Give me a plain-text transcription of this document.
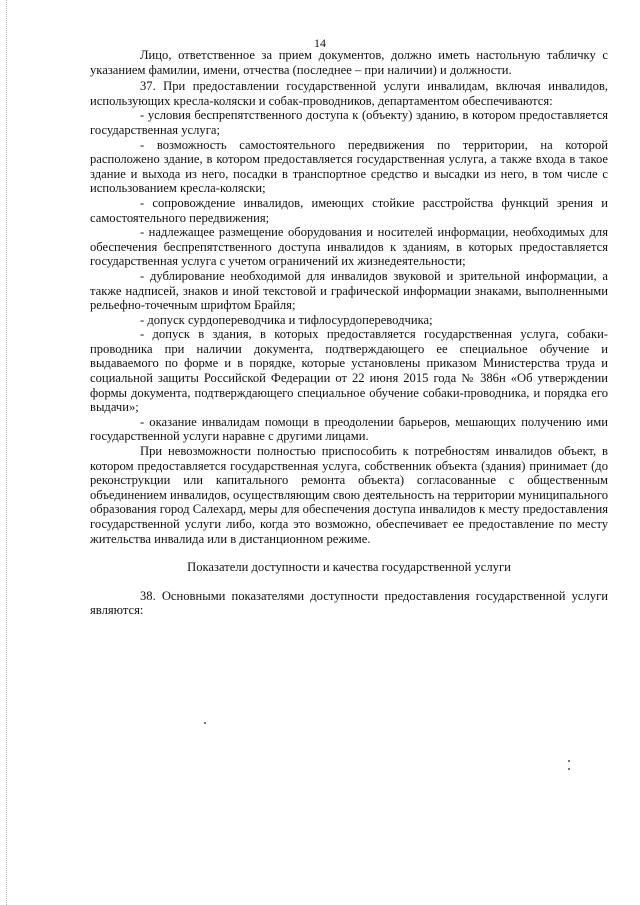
14

Лицо, ответственное за прием документов, должно иметь настольную табличку с указанием фамилии, имени, отчества (последнее – при наличии) и должности.

37. При предоставлении государственной услуги инвалидам, включая инвалидов, использующих кресла-коляски и собак-проводников, департаментом обеспечиваются:

- условия беспрепятственного доступа к (объекту) зданию, в котором предоставляется государственная услуга;

- возможность самостоятельного передвижения по территории, на которой расположено здание, в котором предоставляется государственная услуга, а также входа в такое здание и выхода из него, посадки в транспортное средство и высадки из него, в том числе с использованием кресла-коляски;

- сопровождение инвалидов, имеющих стойкие расстройства функций зрения и самостоятельного передвижения;

- надлежащее размещение оборудования и носителей информации, необходимых для обеспечения беспрепятственного доступа инвалидов к зданиям, в которых предоставляется государственная услуга с учетом ограничений их жизнедеятельности;

- дублирование необходимой для инвалидов звуковой и зрительной информации, а также надписей, знаков и иной текстовой и графической информации знаками, выполненными рельефно-точечным шрифтом Брайля;

- допуск сурдопереводчика и тифлосурдопереводчика;

- допуск в здания, в которых предоставляется государственная услуга, собаки-проводника при наличии документа, подтверждающего ее специальное обучение и выдаваемого по форме и в порядке, которые установлены приказом Министерства труда и социальной защиты Российской Федерации от 22 июня 2015 года № 386н «Об утверждении формы документа, подтверждающего специальное обучение собаки-проводника, и порядка его выдачи»;

- оказание инвалидам помощи в преодолении барьеров, мешающих получению ими государственной услуги наравне с другими лицами.

При невозможности полностью приспособить к потребностям инвалидов объект, в котором предоставляется государственная услуга, собственник объекта (здания) принимает (до реконструкции или капитального ремонта объекта) согласованные с общественным объединением инвалидов, осуществляющим свою деятельность на территории муниципального образования город Салехард, меры для обеспечения доступа инвалидов к месту предоставления государственной услуги либо, когда это возможно, обеспечивает ее предоставление по месту жительства инвалида или в дистанционном режиме.

Показатели доступности и качества государственной услуги

38. Основными показателями доступности предоставления государственной услуги являются:
